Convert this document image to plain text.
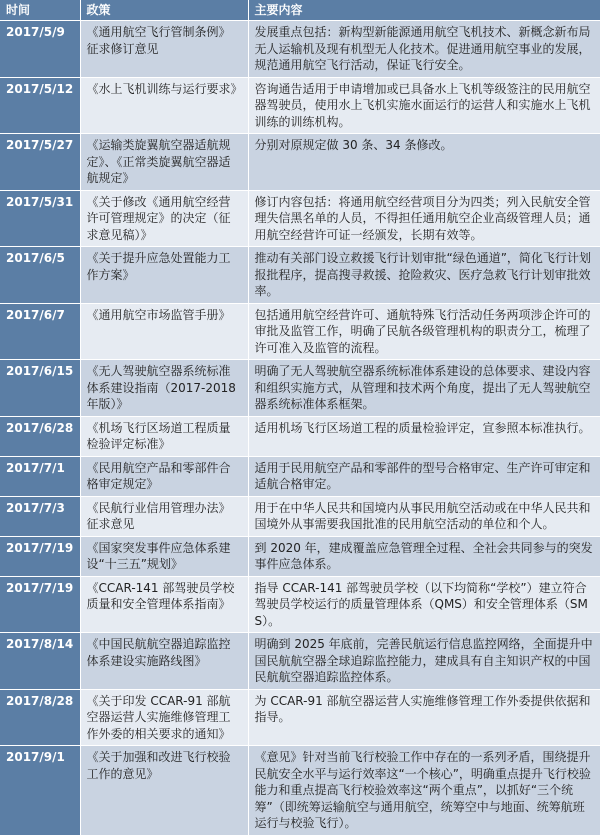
时间	政策	主要内容
2017/5/9	《通用航空飞行管制条例》征求修订意见	发展重点包括：新构型新能源通用航空飞机技术、新概念新布局无人运输机及现有机型无人化技术。促进通用航空事业的发展，规范通用航空飞行活动，保证飞行安全。
2017/5/12	《水上飞机训练与运行要求》	咨询通告适用于申请增加或已具备水上飞机等级签注的民用航空器驾驶员，使用水上飞机实施水面运行的运营人和实施水上飞机训练的训练机构。
2017/5/27	《运输类旋翼航空器适航规定》、《正常类旋翼航空器适航规定》	分别对原规定做 30 条、34 条修改。
2017/5/31	《关于修改《通用航空经营许可管理规定》的决定（征求意见稿）》	修订内容包括：将通用航空经营项目分为四类；列入民航安全管理失信黑名单的人员，不得担任通用航空企业高级管理人员；通用航空经营许可证一经颁发，长期有效等。
2017/6/5	《关于提升应急处置能力工作方案》	推动有关部门设立救援飞行计划审批“绿色通道”，简化飞行计划报批程序，提高搜寻救援、抢险救灾、医疗急救飞行计划审批效率。
2017/6/7	《通用航空市场监管手册》	包括通用航空经营许可、通航特殊飞行活动任务两项涉企许可的审批及监管工作，明确了民航各级管理机构的职责分工，梳理了许可准入及监管的流程。
2017/6/15	《无人驾驶航空器系统标准体系建设指南（2017-2018 年版）》	明确了无人驾驶航空器系统标准体系建设的总体要求、建设内容和组织实施方式，从管理和技术两个角度，提出了无人驾驶航空器系统标准体系框架。
2017/6/28	《机场飞行区场道工程质量检验评定标准》	适用机场飞行区场道工程的质量检验评定，宣参照本标准执行。
2017/7/1	《民用航空产品和零部件合格审定规定》	适用于民用航空产品和零部件的型号合格审定、生产许可审定和适航合格审定。
2017/7/3	《民航行业信用管理办法》征求意见	用于在中华人民共和国境内从事民用航空活动或在中华人民共和国境外从事需要我国批准的民用航空活动的单位和个人。
2017/7/19	《国家突发事件应急体系建设“十三五”规划》	到 2020 年，建成覆盖应急管理全过程、全社会共同参与的突发事件应急体系。
2017/7/19	《CCAR-141 部驾驶员学校质量和安全管理体系指南》	指导 CCAR-141 部驾驶员学校（以下均简称“学校”）建立符合驾驶员学校运行的质量管理体系（QMS）和安全管理体系（SMS）。
2017/8/14	《中国民航航空器追踪监控体系建设实施路线图》	明确到 2025 年底前，完善民航运行信息监控网络，全面提升中国民航航空器全球追踪监控能力，建成具有自主知识产权的中国民航航空器追踪监控体系。
2017/8/28	《关于印发 CCAR-91 部航空器运营人实施维修管理工作外委的相关要求的通知》	为 CCAR-91 部航空器运营人实施维修管理工作外委提供依据和指导。
2017/9/1	《关于加强和改进飞行校验工作的意见》	《意见》针对当前飞行校验工作中存在的一系列矛盾，围绕提升民航安全水平与运行效率这“一个核心”，明确重点提升飞行校验能力和重点提高飞行校验效率这“两个重点”，以抓好“三个统筹”（即统筹运输航空与通用航空，统筹空中与地面、统筹航班运行与校验飞行）。
